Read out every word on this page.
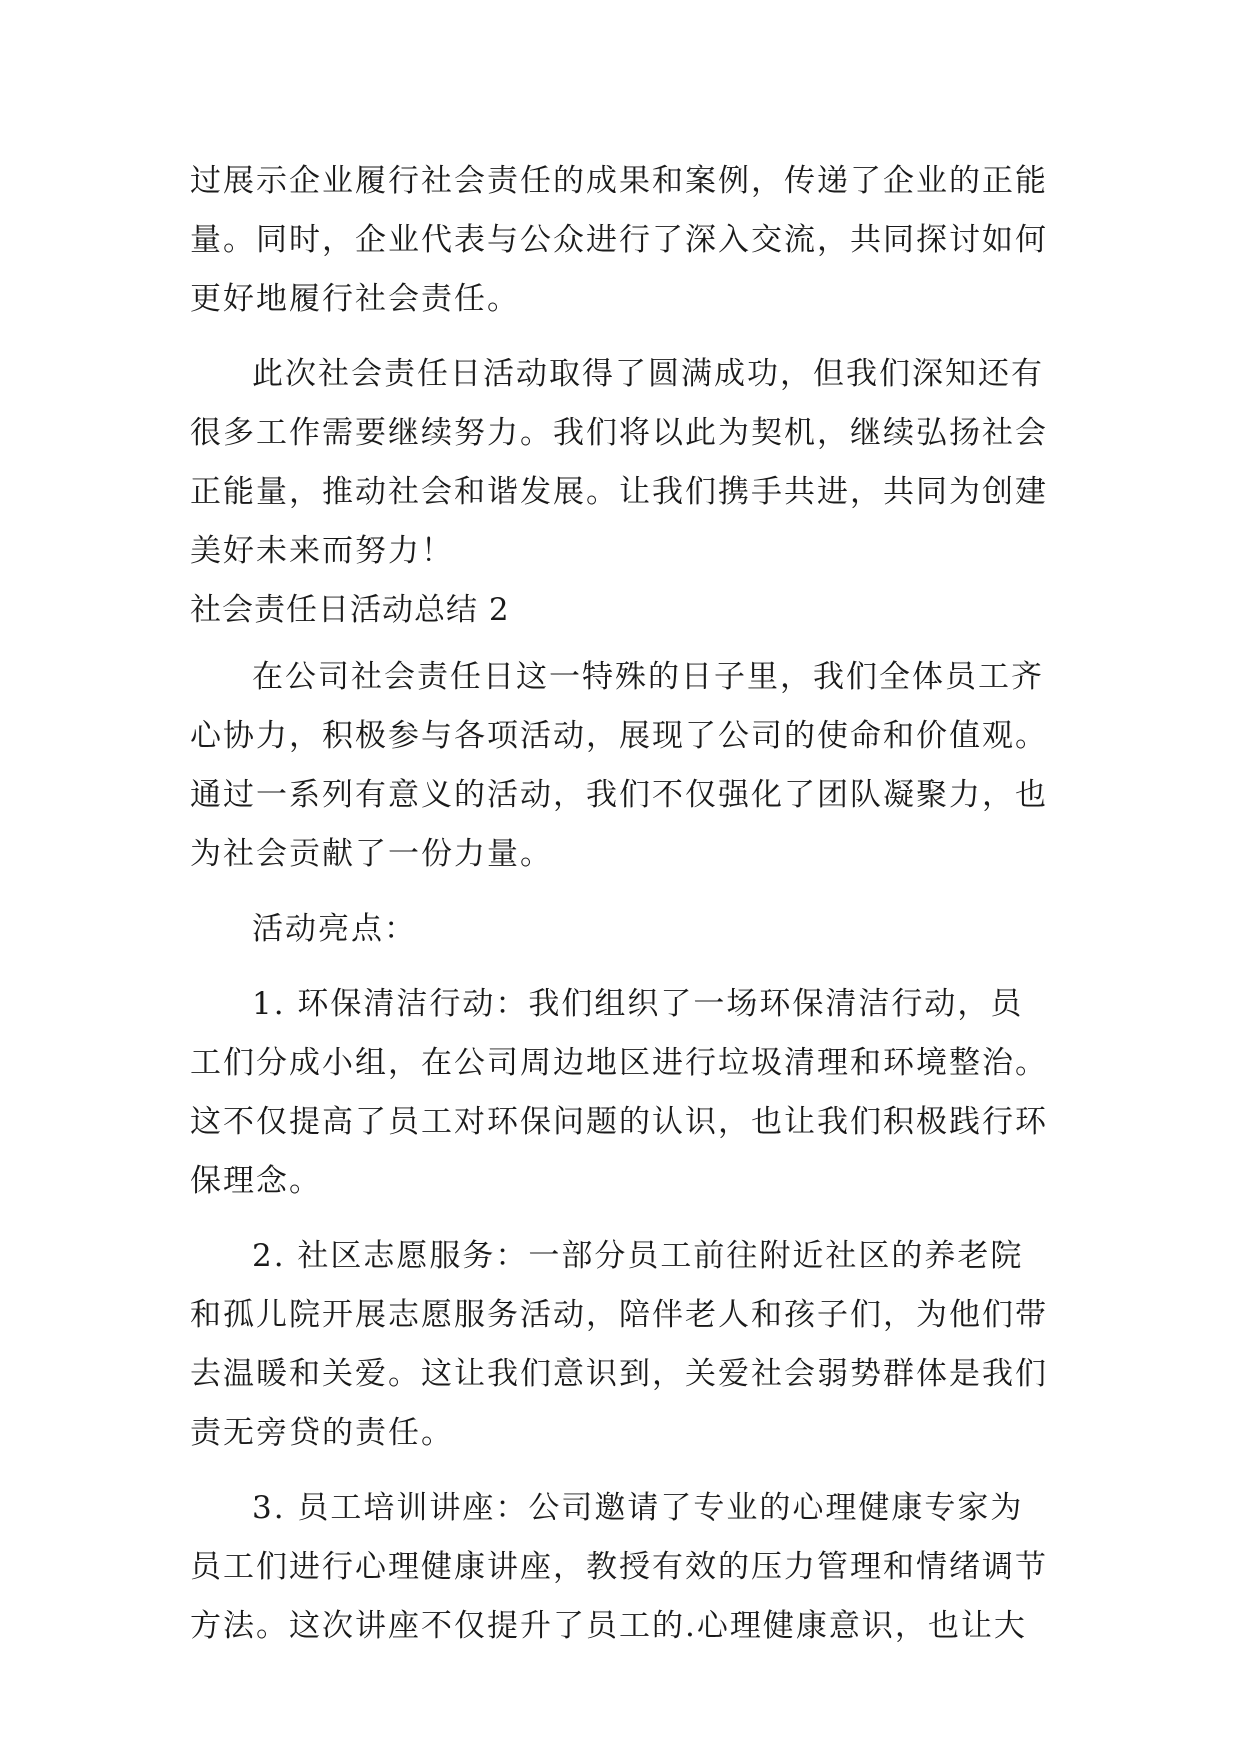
过展示企业履行社会责任的成果和案例，传递了企业的正能
量。同时，企业代表与公众进行了深入交流，共同探讨如何
更好地履行社会责任。
此次社会责任日活动取得了圆满成功，但我们深知还有
很多工作需要继续努力。我们将以此为契机，继续弘扬社会
正能量，推动社会和谐发展。让我们携手共进，共同为创建
美好未来而努力！
社会责任日活动总结 2
在公司社会责任日这一特殊的日子里，我们全体员工齐
心协力，积极参与各项活动，展现了公司的使命和价值观。
通过一系列有意义的活动，我们不仅强化了团队凝聚力，也
为社会贡献了一份力量。
活动亮点：
1. 环保清洁行动：我们组织了一场环保清洁行动，员
工们分成小组，在公司周边地区进行垃圾清理和环境整治。
这不仅提高了员工对环保问题的认识，也让我们积极践行环
保理念。
2. 社区志愿服务：一部分员工前往附近社区的养老院
和孤儿院开展志愿服务活动，陪伴老人和孩子们，为他们带
去温暖和关爱。这让我们意识到，关爱社会弱势群体是我们
责无旁贷的责任。
3. 员工培训讲座：公司邀请了专业的心理健康专家为
员工们进行心理健康讲座，教授有效的压力管理和情绪调节
方法。这次讲座不仅提升了员工的.心理健康意识，也让大
